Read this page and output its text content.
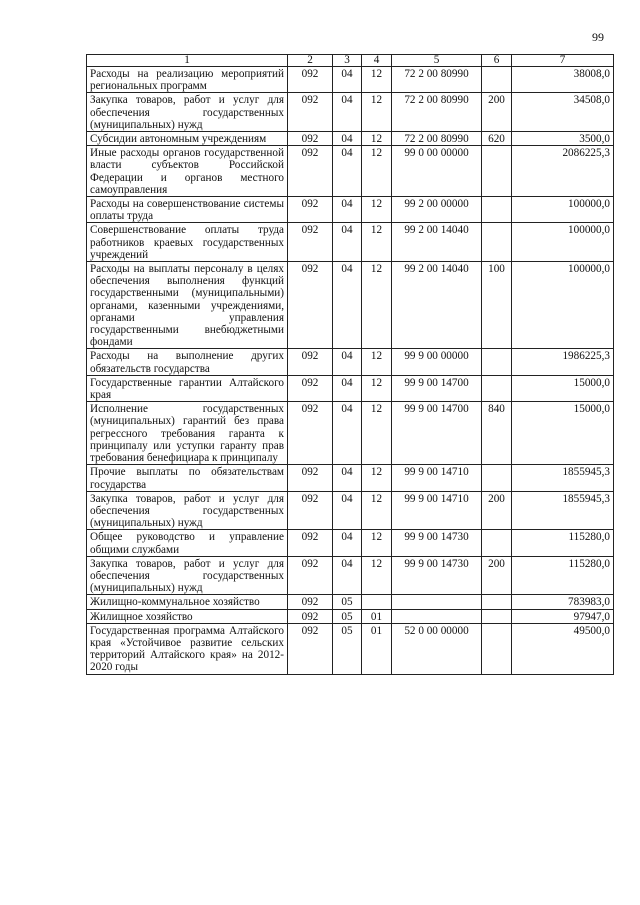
99
1	2	3	4	5	6	7
Расходы на реализацию мероприятий региональных программ	092	04	12	72 2 00 80990		38008,0
Закупка товаров, работ и услуг для обеспечения государственных (муниципальных) нужд	092	04	12	72 2 00 80990	200	34508,0
Субсидии автономным учреждениям	092	04	12	72 2 00 80990	620	3500,0
Иные расходы органов государственной власти субъектов Российской Федерации и органов местного самоуправления	092	04	12	99 0 00 00000		2086225,3
Расходы на совершенствование системы оплаты труда	092	04	12	99 2 00 00000		100000,0
Совершенствование оплаты труда работников краевых государственных учреждений	092	04	12	99 2 00 14040		100000,0
Расходы на выплаты персоналу в целях обеспечения выполнения функций государственными (муниципальными) органами, казенными учреждениями, органами управления государственными внебюджетными фондами	092	04	12	99 2 00 14040	100	100000,0
Расходы на выполнение других обязательств государства	092	04	12	99 9 00 00000		1986225,3
Государственные гарантии Алтайского края	092	04	12	99 9 00 14700		15000,0
Исполнение государственных (муниципальных) гарантий без права регрессного требования гаранта к принципалу или уступки гаранту прав требования бенефициара к принципалу	092	04	12	99 9 00 14700	840	15000,0
Прочие выплаты по обязательствам государства	092	04	12	99 9 00 14710		1855945,3
Закупка товаров, работ и услуг для обеспечения государственных (муниципальных) нужд	092	04	12	99 9 00 14710	200	1855945,3
Общее руководство и управление общими службами	092	04	12	99 9 00 14730		115280,0
Закупка товаров, работ и услуг для обеспечения государственных (муниципальных) нужд	092	04	12	99 9 00 14730	200	115280,0
Жилищно-коммунальное хозяйство	092	05				783983,0
Жилищное хозяйство	092	05	01			97947,0
Государственная программа Алтайского края «Устойчивое развитие сельских территорий Алтайского края» на 2012-2020 годы	092	05	01	52 0 00 00000		49500,0
